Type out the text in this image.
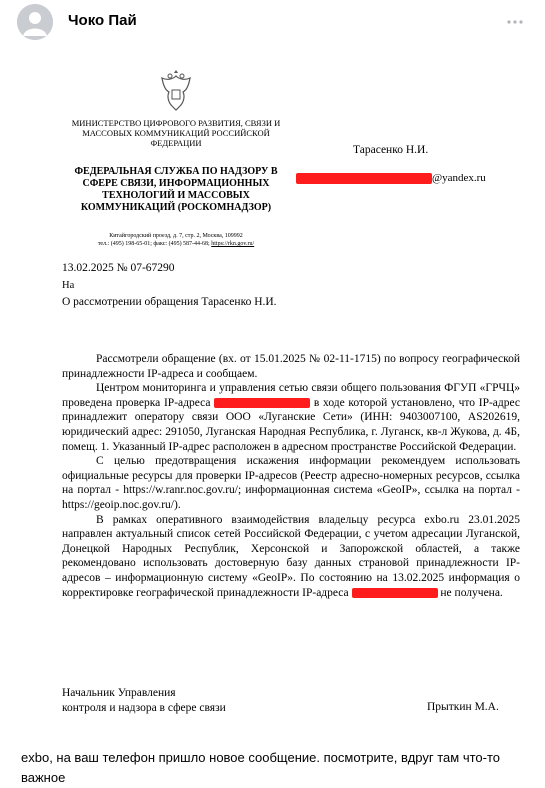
Чоко Пай
МИНИСТЕРСТВО ЦИФРОВОГО РАЗВИТИЯ, СВЯЗИ И МАССОВЫХ КОММУНИКАЦИЙ РОССИЙСКОЙ ФЕДЕРАЦИИ
ФЕДЕРАЛЬНАЯ СЛУЖБА ПО НАДЗОРУ В СФЕРЕ СВЯЗИ, ИНФОРМАЦИОННЫХ ТЕХНОЛОГИЙ И МАССОВЫХ КОММУНИКАЦИЙ (РОСКОМНАДЗОР)
Китайгородский проезд, д. 7, стр. 2, Москва, 109992
тел.: (495) 198-65-01; факс: (495) 587-44-68; https://rkn.gov.ru/
Тарасенко Н.И.
@yandex.ru
13.02.2025 № 07-67290
На
О рассмотрении обращения Тарасенко Н.И.

Рассмотрели обращение (вх. от 15.01.2025 № 02-11-1715) по вопросу географической принадлежности IP-адреса и сообщаем.

Центром мониторинга и управления сетью связи общего пользования ФГУП «ГРЧЦ» проведена проверка IP-адреса	в ходе которой установлено, что IP-адрес принадлежит оператору связи ООО «Луганские Сети» (ИНН: 9403007100, AS202619, юридический адрес: 291050, Луганская Народная Республика, г. Луганск, кв-л Жукова, д. 4Б, помещ. 1. Указанный IP-адрес расположен в адресном пространстве Российской Федерации.

С целью предотвращения искажения информации рекомендуем использовать официальные ресурсы для проверки IP-адресов (Реестр адресно-номерных ресурсов, ссылка на портал - https://w.ranr.noc.gov.ru/; информационная система «GeoIP», ссылка на портал - https://geoip.noc.gov.ru/).

В рамках оперативного взаимодействия владельцу ресурса exbo.ru 23.01.2025 направлен актуальный список сетей Российской Федерации, с учетом адресации Луганской, Донецкой Народных Республик, Херсонской и Запорожской областей, а также рекомендовано использовать достоверную базу данных страновой принадлежности IP-адресов – информационную систему «GeoIP». По состоянию на 13.02.2025 информация о корректировке географической принадлежности IP-адреса	не получена.

Начальник Управления
контроля и надзора в сфере связи	Прыткин М.А.
exbo, на ваш телефон пришло новое сообщение. посмотрите, вдруг там что-то важное
